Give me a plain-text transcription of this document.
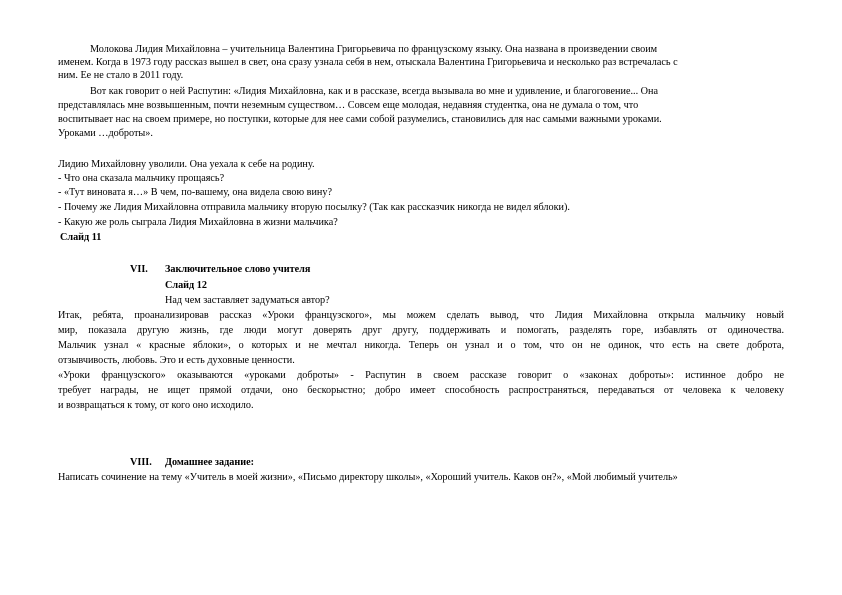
Молокова Лидия Михайловна – учительница Валентина Григорьевича по французскому языку. Она названа в произведении своим
именем. Когда в 1973 году рассказ вышел в свет, она сразу узнала себя в нем, отыскала Валентина Григорьевича и несколько раз встречалась с
ним. Ее не стало в 2011 году.
Вот как говорит о ней Распутин: «Лидия Михайловна, как и в рассказе, всегда вызывала во мне и удивление, и благоговение... Она
представлялась мне возвышенным, почти неземным существом… Совсем еще молодая, недавняя студентка, она не думала о том, что
воспитывает нас на своем примере, но поступки, которые для нее сами собой разумелись, становились для нас самыми важными уроками.
Уроками …доброты».
Лидию Михайловну уволили. Она уехала к себе на родину.
- Что она сказала мальчику прощаясь?
- «Тут виновата я…» В чем, по-вашему, она видела свою вину?
- Почему же Лидия Михайловна отправила мальчику вторую посылку? (Так как рассказчик никогда не видел яблоки).
- Какую же роль сыграла Лидия Михайловна в жизни мальчика?
Слайд 11
VII. Заключительное слово учителя
Слайд 12
Над чем заставляет задуматься автор?
Итак, ребята, проанализировав рассказ «Уроки французского», мы можем сделать вывод, что Лидия Михайловна открыла мальчику новый
мир, показала другую жизнь, где люди могут доверять друг другу, поддерживать и помогать, разделять горе, избавлять от одиночества.
Мальчик узнал « красные яблоки», о которых и не мечтал никогда. Теперь он узнал и о том, что он не одинок, что есть на свете доброта,
отзывчивость, любовь. Это и есть духовные ценности.
«Уроки французского» оказываются «уроками доброты» - Распутин в своем рассказе говорит о «законах доброты»: истинное добро не
требует награды, не ищет прямой отдачи, оно бескорыстно; добро имеет способность распространяться, передаваться от человека к человеку
и возвращаться к тому, от кого оно исходило.
VIII. Домашнее задание:
Написать сочинение на тему «Учитель в моей жизни», «Письмо директору школы», «Хороший учитель. Каков он?», «Мой любимый учитель»
